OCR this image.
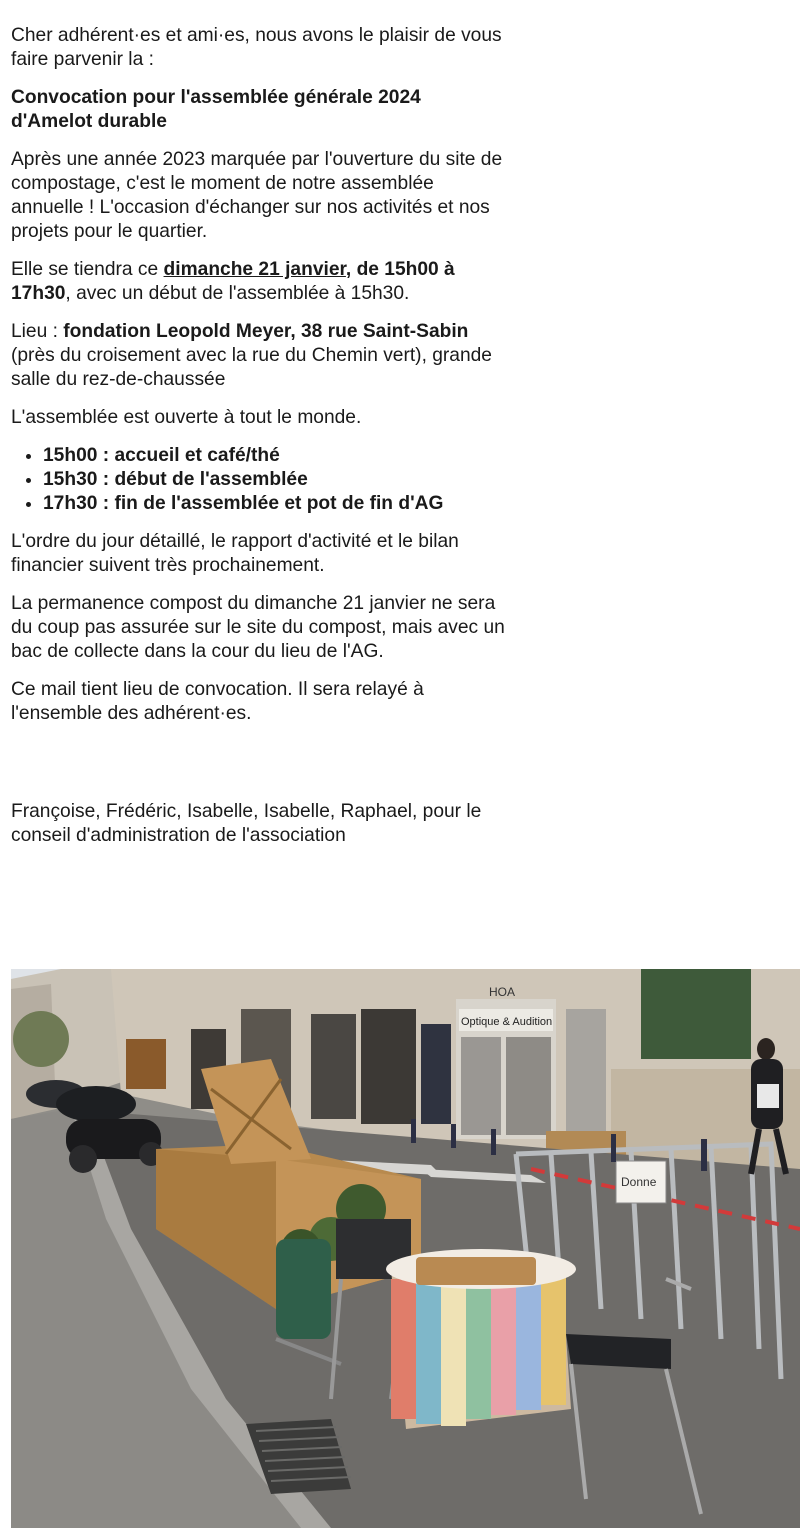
Cher adhérent·es et ami·es, nous avons le plaisir de vous faire parvenir la :

Convocation pour l'assemblée générale 2024 d'Amelot durable

Après une année 2023 marquée par l'ouverture du site de compostage, c'est le moment de notre assemblée annuelle ! L'occasion d'échanger sur nos activités et nos projets pour le quartier.

Elle se tiendra ce dimanche 21 janvier, de 15h00 à 17h30, avec un début de l'assemblée à 15h30.

Lieu : fondation Leopold Meyer, 38 rue Saint-Sabin (près du croisement avec la rue du Chemin vert), grande salle du rez-de-chaussée

L'assemblée est ouverte à tout le monde.

• 15h00 : accueil et café/thé
• 15h30 : début de l'assemblée
• 17h30 : fin de l'assemblée et pot de fin d'AG

L'ordre du jour détaillé, le rapport d'activité et le bilan financier suivent très prochainement.

La permanence compost du dimanche 21 janvier ne sera du coup pas assurée sur le site du compost, mais avec un bac de collecte dans la cour du lieu de l'AG.

Ce mail tient lieu de convocation. Il sera relayé à l'ensemble des adhérent·es.

Françoise, Frédéric, Isabelle, Isabelle, Raphael, pour le conseil d'administration de l'association

HOA
Optique & Audition
Donne
